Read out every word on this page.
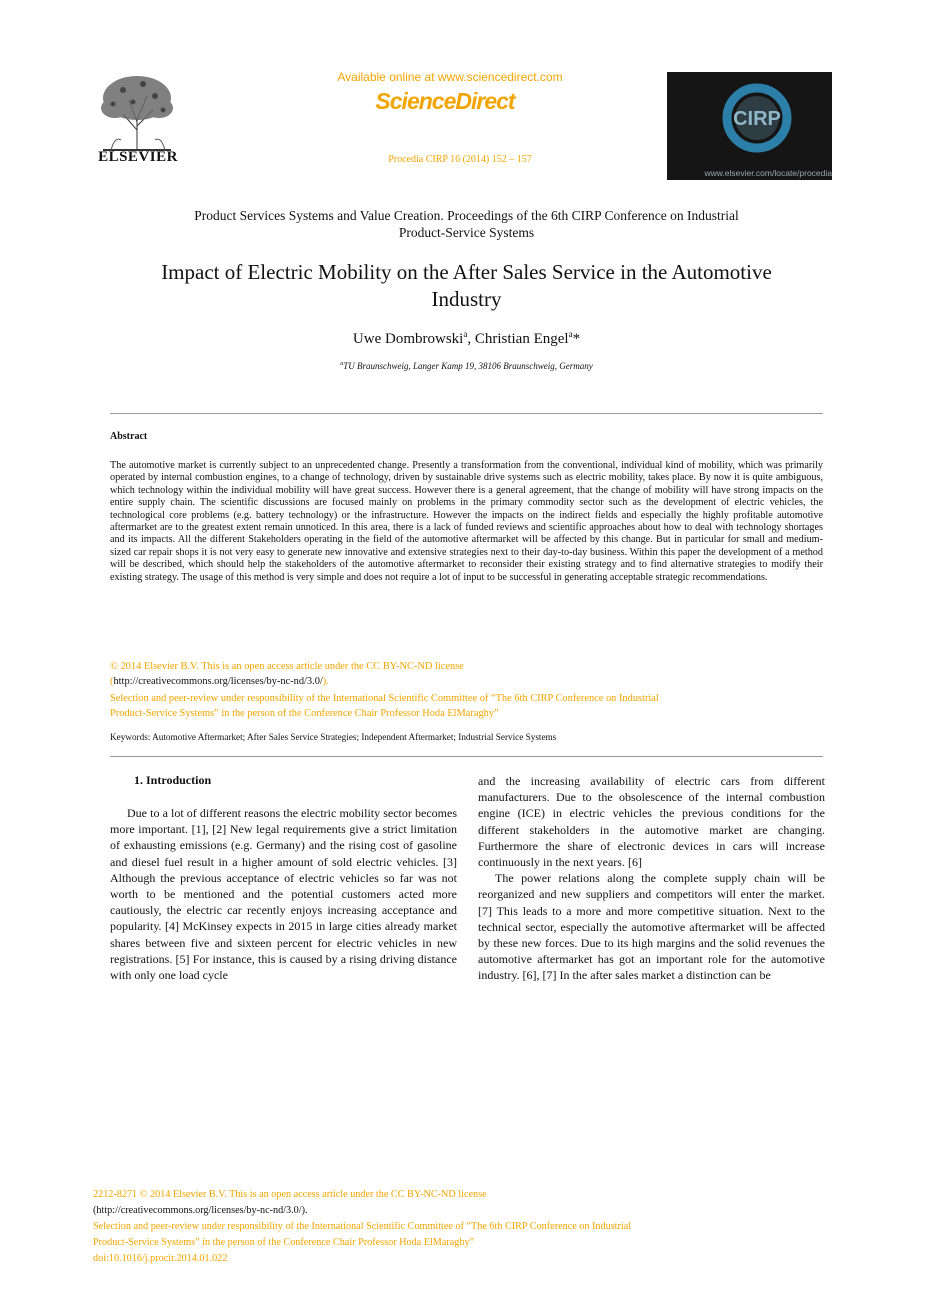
ELSEVIER
Available online at www.sciencedirect.com
ScienceDirect
Procedia CIRP 16 (2014) 152 – 157
CIRP
www.elsevier.com/locate/procedia
Product Services Systems and Value Creation. Proceedings of the 6th CIRP Conference on Industrial
Product-Service Systems
Impact of Electric Mobility on the After Sales Service in the Automotive
Industry
Uwe Dombrowski$^a$, Christian Engel$^a$*
$^a$TU Braunschweig, Langer Kamp 19, 38106 Braunschweig, Germany
Abstract
The automotive market is currently subject to an unprecedented change. Presently a transformation from the conventional, individual kind of mobility, which was primarily operated by internal combustion engines, to a change of technology, driven by sustainable drive systems such as electric mobility, takes place. By now it is quite ambiguous, which technology within the individual mobility will have great success. However there is a general agreement, that the change of mobility will have strong impacts on the entire supply chain. The scientific discussions are focused mainly on problems in the primary commodity sector such as the development of electric vehicles, the technological core problems (e.g. battery technology) or the infrastructure. However the impacts on the indirect fields and especially the highly profitable automotive aftermarket are to the greatest extent remain unnoticed. In this area, there is a lack of funded reviews and scientific approaches about how to deal with technology shortages and its impacts. All the different Stakeholders operating in the field of the automotive aftermarket will be affected by this change. But in particular for small and medium-sized car repair shops it is not very easy to generate new innovative and extensive strategies next to their day-to-day business. Within this paper the development of a method will be described, which should help the stakeholders of the automotive aftermarket to reconsider their existing strategy and to find alternative strategies to modify their existing strategy. The usage of this method is very simple and does not require a lot of input to be successful in generating acceptable strategic recommendations.
© 2014 Elsevier B.V. This is an open access article under the CC BY-NC-ND license
(http://creativecommons.org/licenses/by-nc-nd/3.0/).
Selection and peer-review under responsibility of the International Scientific Committee of “The 6th CIRP Conference on Industrial
Product-Service Systems” in the person of the Conference Chair Professor Hoda ElMaraghy”
Keywords: Automotive Aftermarket; After Sales Service Strategies; Independent Aftermarket; Industrial Service Systems
1. Introduction

Due to a lot of different reasons the electric mobility sector becomes more important. [1], [2] New legal requirements give a strict limitation of exhausting emissions (e.g. Germany) and the rising cost of gasoline and diesel fuel result in a higher amount of sold electric vehicles. [3] Although the previous acceptance of electric vehicles so far was not worth to be mentioned and the potential customers acted more cautiously, the electric car recently enjoys increasing acceptance and popularity. [4] McKinsey expects in 2015 in large cities already market shares between five and sixteen percent for electric vehicles in new registrations. [5] For instance, this is caused by a rising driving distance with only one load cycle

and the increasing availability of electric cars from different manufacturers. Due to the obsolescence of the internal combustion engine (ICE) in electric vehicles the previous conditions for the different stakeholders in the automotive market are changing. Furthermore the share of electronic devices in cars will increase continuously in the next years. [6]

The power relations along the complete supply chain will be reorganized and new suppliers and competitors will enter the market. [7] This leads to a more and more competitive situation. Next to the technical sector, especially the automotive aftermarket will be affected by these new forces. Due to its high margins and the solid revenues the automotive aftermarket has got an important role for the automotive industry. [6], [7] In the after sales market a distinction can be

2212-8271 © 2014 Elsevier B.V. This is an open access article under the CC BY-NC-ND license
(http://creativecommons.org/licenses/by-nc-nd/3.0/).
Selection and peer-review under responsibility of the International Scientific Committee of “The 6th CIRP Conference on Industrial
Product-Service Systems” in the person of the Conference Chair Professor Hoda ElMaraghy”
doi:10.1016/j.procir.2014.01.022
